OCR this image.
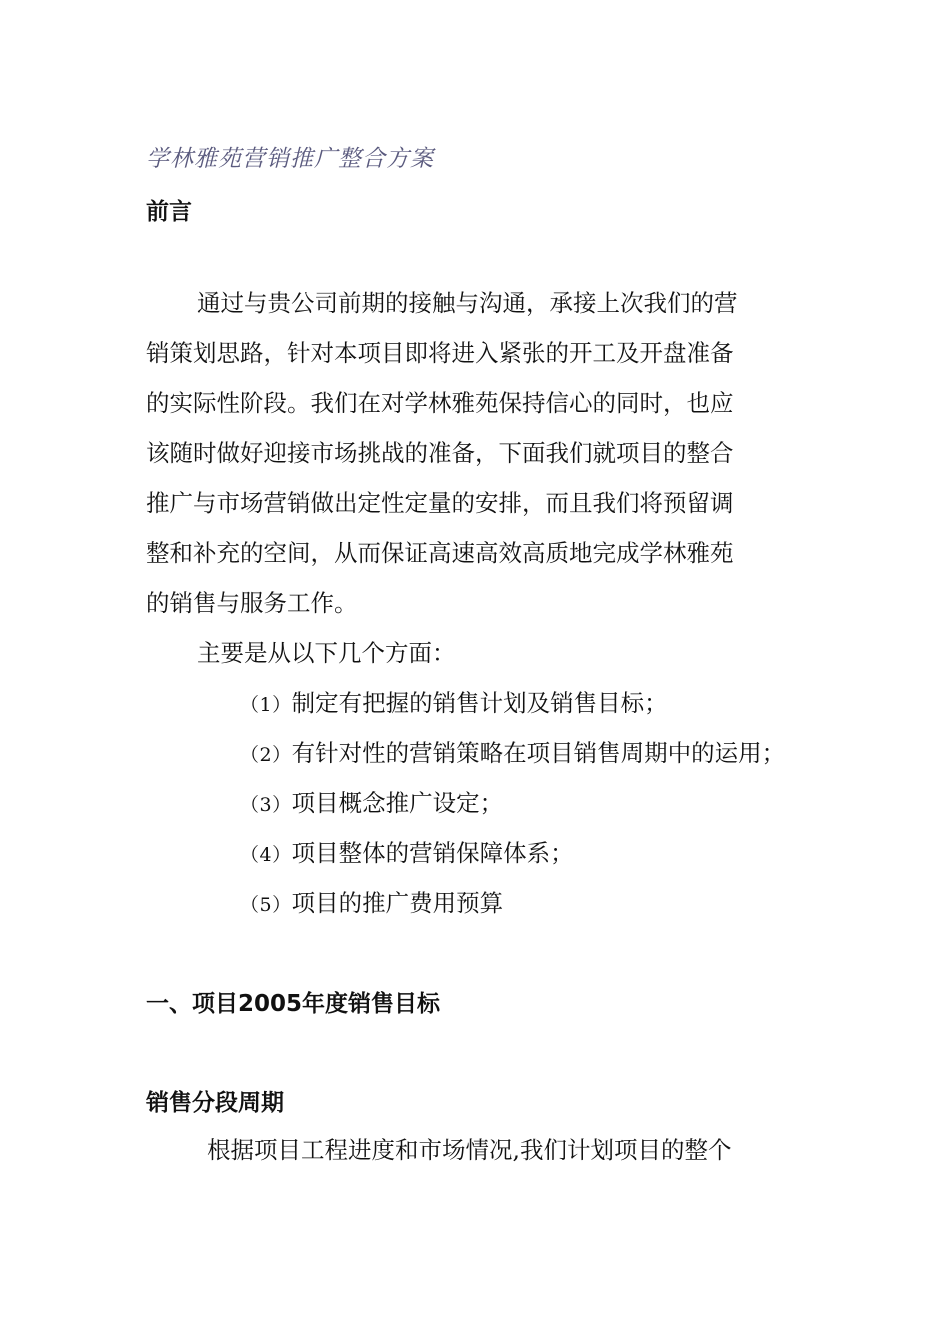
学林雅苑营销推广整合方案
前言
通过与贵公司前期的接触与沟通，承接上次我们的营
销策划思路，针对本项目即将进入紧张的开工及开盘准备
的实际性阶段。我们在对学林雅苑保持信心的同时，也应
该随时做好迎接市场挑战的准备，下面我们就项目的整合
推广与市场营销做出定性定量的安排，而且我们将预留调
整和补充的空间，从而保证高速高效高质地完成学林雅苑
的销售与服务工作。
主要是从以下几个方面：
（1）制定有把握的销售计划及销售目标；
（2）有针对性的营销策略在项目销售周期中的运用；
（3）项目概念推广设定；
（4）项目整体的营销保障体系；
（5）项目的推广费用预算
一、项目2005年度销售目标
销售分段周期
根据项目工程进度和市场情况,我们计划项目的整个
